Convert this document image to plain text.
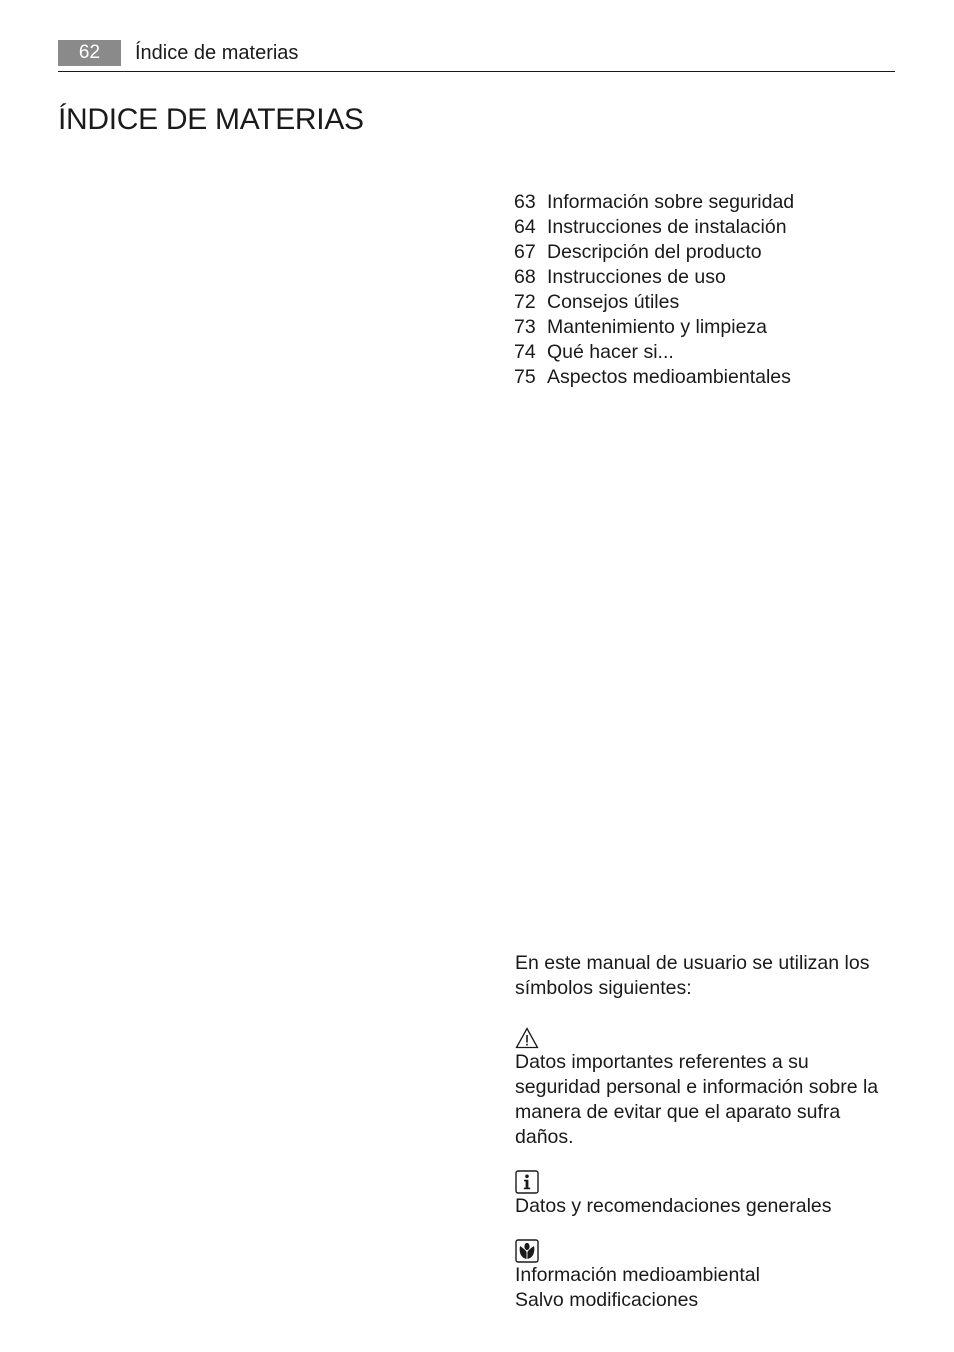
62	Índice de materias
ÍNDICE DE MATERIAS
63 Información sobre seguridad
64 Instrucciones de instalación
67 Descripción del producto
68 Instrucciones de uso
72 Consejos útiles
73 Mantenimiento y limpieza
74 Qué hacer si...
75 Aspectos medioambientales

En este manual de usuario se utilizan los símbolos siguientes:

Datos importantes referentes a su seguridad personal e información sobre la manera de evitar que el aparato sufra daños.

Datos y recomendaciones generales

Información medioambiental

Salvo modificaciones
